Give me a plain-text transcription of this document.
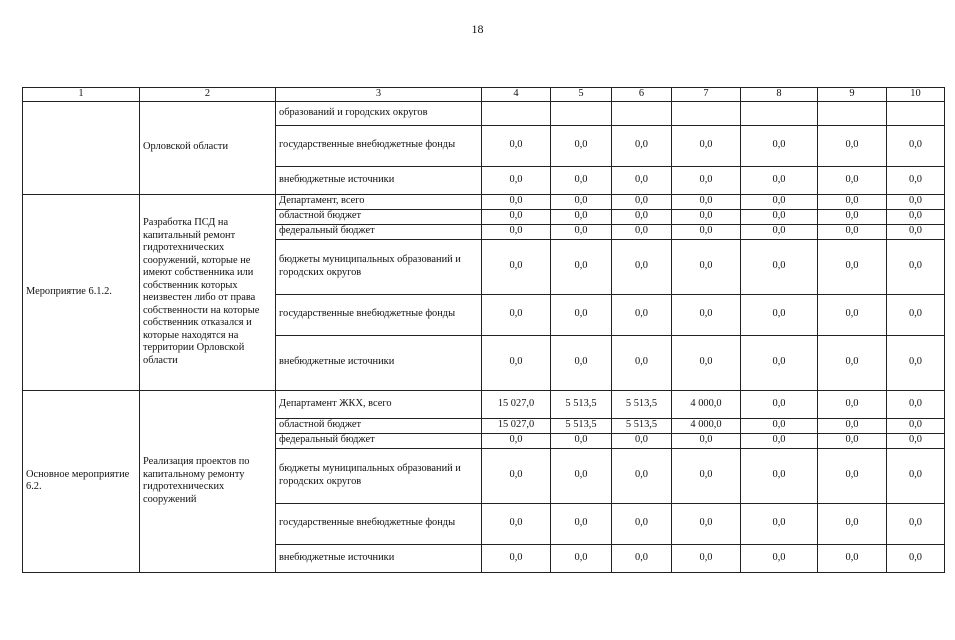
18
1	2	3	4	5	6	7	8	9	10
	Орловской области	образований и городских округов							
		государственные внебюджетные фонды	0,0	0,0	0,0	0,0	0,0	0,0	0,0
		внебюджетные источники	0,0	0,0	0,0	0,0	0,0	0,0	0,0
Мероприятие 6.1.2.	Разработка ПСД на капитальный ремонт гидротехнических сооружений, которые не имеют собственника или собственник которых неизвестен либо от права собственности на которые собственник отказался и которые находятся на территории Орловской области	Департамент, всего	0,0	0,0	0,0	0,0	0,0	0,0	0,0
		областной бюджет	0,0	0,0	0,0	0,0	0,0	0,0	0,0
		федеральный бюджет	0,0	0,0	0,0	0,0	0,0	0,0	0,0
		бюджеты муниципальных образований и городских округов	0,0	0,0	0,0	0,0	0,0	0,0	0,0
		государственные внебюджетные фонды	0,0	0,0	0,0	0,0	0,0	0,0	0,0
		внебюджетные источники	0,0	0,0	0,0	0,0	0,0	0,0	0,0
Основное мероприятие 6.2.	Реализация проектов по капитальному ремонту гидротехнических сооружений	Департамент ЖКХ, всего	15 027,0	5 513,5	5 513,5	4 000,0	0,0	0,0	0,0
		областной бюджет	15 027,0	5 513,5	5 513,5	4 000,0	0,0	0,0	0,0
		федеральный бюджет	0,0	0,0	0,0	0,0	0,0	0,0	0,0
		бюджеты муниципальных образований и городских округов	0,0	0,0	0,0	0,0	0,0	0,0	0,0
		государственные внебюджетные фонды	0,0	0,0	0,0	0,0	0,0	0,0	0,0
		внебюджетные источники	0,0	0,0	0,0	0,0	0,0	0,0	0,0
